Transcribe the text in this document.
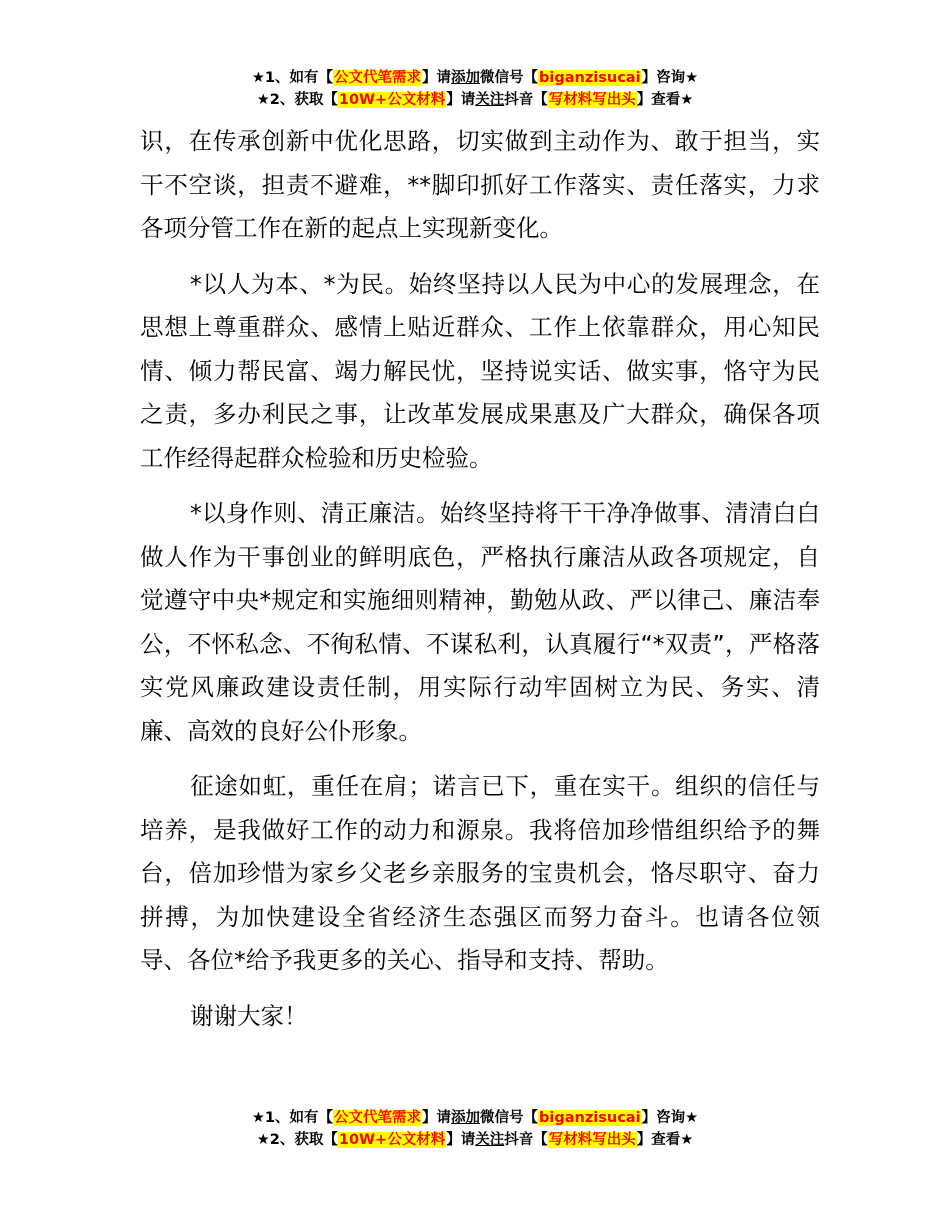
★1、如有【公文代笔需求】请添加微信号【biganzisucai】咨询★
★2、获取【10W+公文材料】请关注抖音【写材料写出头】查看★

识，在传承创新中优化思路，切实做到主动作为、敢于担当，实干不空谈，担责不避难，**脚印抓好工作落实、责任落实，力求各项分管工作在新的起点上实现新变化。

*以人为本、*为民。始终坚持以人民为中心的发展理念，在思想上尊重群众、感情上贴近群众、工作上依靠群众，用心知民情、倾力帮民富、竭力解民忧，坚持说实话、做实事，恪守为民之责，多办利民之事，让改革发展成果惠及广大群众，确保各项工作经得起群众检验和历史检验。

*以身作则、清正廉洁。始终坚持将干干净净做事、清清白白做人作为干事创业的鲜明底色，严格执行廉洁从政各项规定，自觉遵守中央*规定和实施细则精神，勤勉从政、严以律己、廉洁奉公，不怀私念、不徇私情、不谋私利，认真履行“*双责”，严格落实党风廉政建设责任制，用实际行动牢固树立为民、务实、清廉、高效的良好公仆形象。

征途如虹，重任在肩；诺言已下，重在实干。组织的信任与培养，是我做好工作的动力和源泉。我将倍加珍惜组织给予的舞台，倍加珍惜为家乡父老乡亲服务的宝贵机会，恪尽职守、奋力拼搏，为加快建设全省经济生态强区而努力奋斗。也请各位领导、各位*给予我更多的关心、指导和支持、帮助。

谢谢大家！

★1、如有【公文代笔需求】请添加微信号【biganzisucai】咨询★
★2、获取【10W+公文材料】请关注抖音【写材料写出头】查看★
